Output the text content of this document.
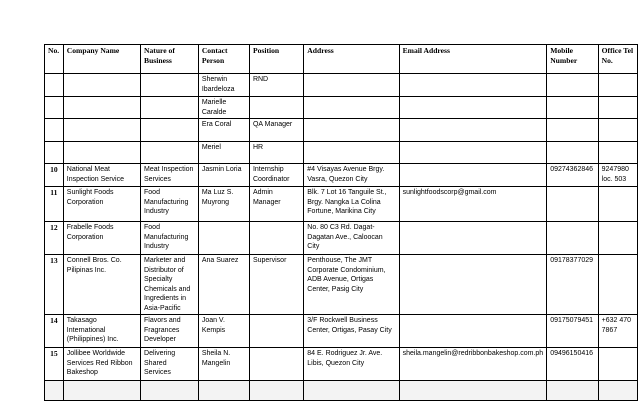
No.	Company Name	Nature of Business	Contact Person	Position	Address	Email Address	Mobile Number	Office Tel No.
			Sherwin Ibardeloza	RND				
			Marielle Caralde					
			Era Coral	QA Manager				
			Meriel	HR				
10	National Meat Inspection Service	Meat Inspection Services	Jasmin Loria	Internship Coordinator	#4 Visayas Avenue Brgy. Vasra, Quezon City		09274362846	9247980 loc. 503
11	Sunlight Foods Corporation	Food Manufacturing Industry	Ma Luz S. Muyrong	Admin Manager	Blk. 7 Lot 16 Tanguile St., Brgy. Nangka La Colina Fortune, Marikina City	sunlightfoodscorp@gmail.com		
12	Frabelle Foods Corporation	Food Manufacturing Industry			No. 80 C3 Rd. Dagat-Dagatan Ave., Caloocan City			
13	Connell Bros. Co. Pilipinas Inc.	Marketer and Distributor of Specialty Chemicals and Ingredients in Asia-Pacific	Ana Suarez	Supervisor	Penthouse, The JMT Corporate Condominium, ADB Avenue, Ortigas Center, Pasig City		09178377029	
14	Takasago International (Philippines) Inc.	Flavors and Fragrances Developer	Joan V. Kempis		3/F Rockwell Business Center, Ortigas, Pasay City		09175079451	+632 470 7867
15	Jollibee Worldwide Services Red Ribbon Bakeshop	Delivering Shared Services	Sheila N. Mangelin		84 E. Rodriguez Jr. Ave. Libis, Quezon City	sheila.mangelin@redribbonbakeshop.com.ph	09496150416	
